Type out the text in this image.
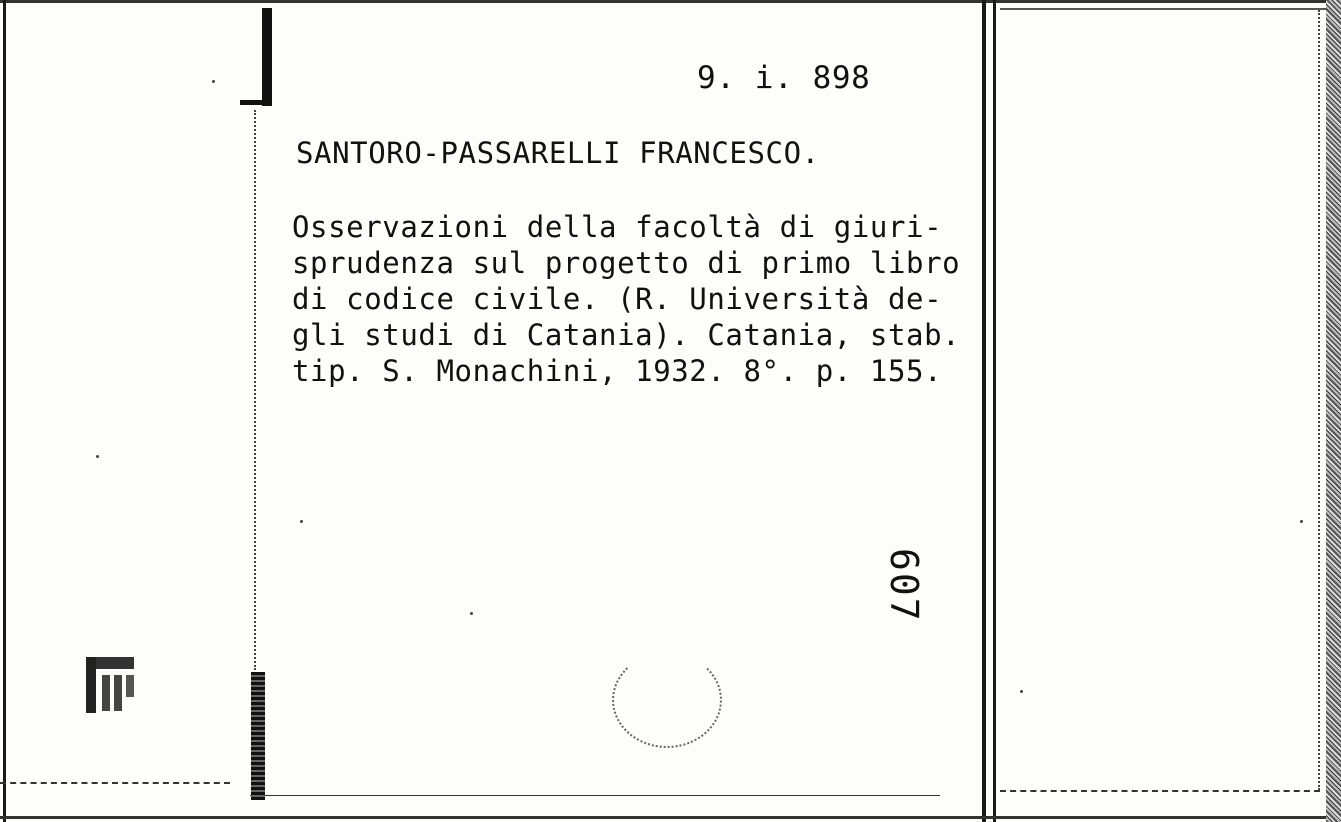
9. i. 898
SANTORO-PASSARELLI FRANCESCO.
Osservazioni della facoltà di giuri-
sprudenza sul progetto di primo libro
di codice civile. (R. Università de-
gli studi di Catania). Catania, stab.
tip. S. Monachini, 1932. 8°. p. 155.
607
